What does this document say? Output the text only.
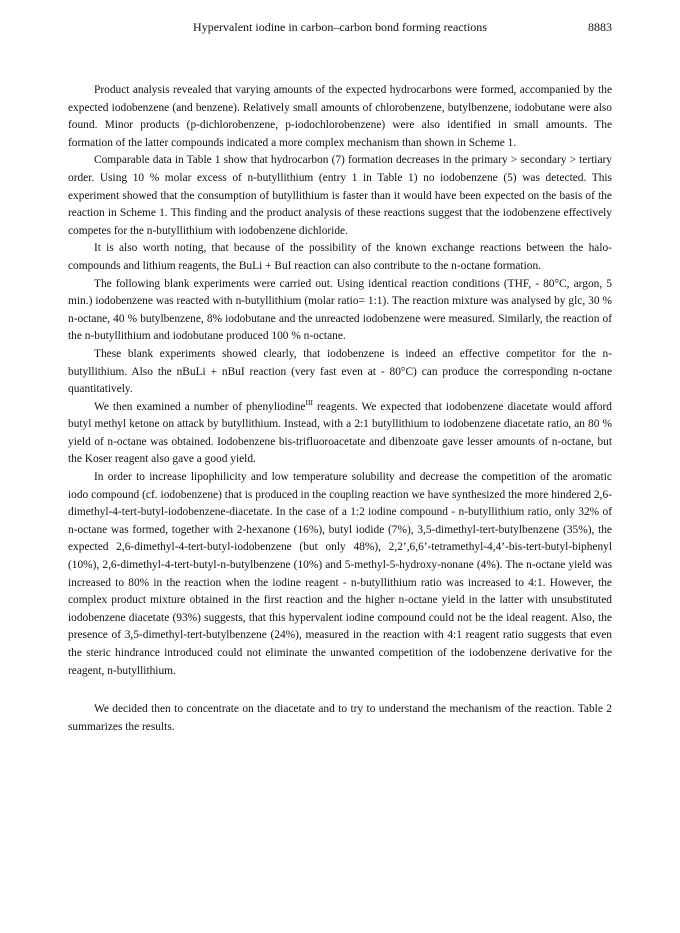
Hypervalent iodine in carbon–carbon bond forming reactions	8883

Product analysis revealed that varying amounts of the expected hydrocarbons were formed, accompanied by the expected iodobenzene (and benzene). Relatively small amounts of chlorobenzene, butylbenzene, iodobutane were also found. Minor products (p-dichlorobenzene, p-iodochlorobenzene) were also identified in small amounts. The formation of the latter compounds indicated a more complex mechanism than shown in Scheme 1.

Comparable data in Table 1 show that hydrocarbon (7) formation decreases in the primary > secondary > tertiary order. Using 10 % molar excess of n-butyllithium (entry 1 in Table 1) no iodobenzene (5) was detected. This experiment showed that the consumption of butyllithium is faster than it would have been expected on the basis of the reaction in Scheme 1. This finding and the product analysis of these reactions suggest that the iodobenzene effectively competes for the n-butyllithium with iodobenzene dichloride.

It is also worth noting, that because of the possibility of the known exchange reactions between the halo-compounds and lithium reagents, the BuLi + BuI reaction can also contribute to the n-octane formation.

The following blank experiments were carried out. Using identical reaction conditions (THF, - 80°C, argon, 5 min.) iodobenzene was reacted with n-butyllithium (molar ratio= 1:1). The reaction mixture was analysed by glc, 30 % n-octane, 40 % butylbenzene, 8% iodobutane and the unreacted iodobenzene were measured. Similarly, the reaction of the n-butyllithium and iodobutane produced 100 % n-octane.

These blank experiments showed clearly, that iodobenzene is indeed an effective competitor for the n-butyllithium. Also the nBuLi + nBuI reaction (very fast even at - 80°C) can produce the corresponding n-octane quantitatively.

We then examined a number of phenyliodine$^{III}$ reagents. We expected that iodobenzene diacetate would afford butyl methyl ketone on attack by butyllithium. Instead, with a 2:1 butyllithium to iodobenzene diacetate ratio, an 80 % yield of n-octane was obtained. Iodobenzene bis-trifluoroacetate and dibenzoate gave lesser amounts of n-octane, but the Koser reagent also gave a good yield.

In order to increase lipophilicity and low temperature solubility and decrease the competition of the aromatic iodo compound (cf. iodobenzene) that is produced in the coupling reaction we have synthesized the more hindered 2,6-dimethyl-4-tert-butyl-iodobenzene-diacetate. In the case of a 1:2 iodine compound - n-butyllithium ratio, only 32% of n-octane was formed, together with 2-hexanone (16%), butyl iodide (7%), 3,5-dimethyl-tert-butylbenzene (35%), the expected 2,6-dimethyl-4-tert-butyl-iodobenzene (but only 48%), 2,2’,6,6’-tetramethyl-4,4’-bis-tert-butyl-biphenyl (10%), 2,6-dimethyl-4-tert-butyl-n-butylbenzene (10%) and 5-methyl-5-hydroxy-nonane (4%). The n-octane yield was increased to 80% in the reaction when the iodine reagent - n-butyllithium ratio was increased to 4:1. However, the complex product mixture obtained in the first reaction and the higher n-octane yield in the latter with unsubstituted iodobenzene diacetate (93%) suggests, that this hypervalent iodine compound could not be the ideal reagent. Also, the presence of 3,5-dimethyl-tert-butylbenzene (24%), measured in the reaction with 4:1 reagent ratio suggests that even the steric hindrance introduced could not eliminate the unwanted competition of the iodobenzene derivative for the reagent, n-butyllithium.

We decided then to concentrate on the diacetate and to try to understand the mechanism of the reaction. Table 2 summarizes the results.
